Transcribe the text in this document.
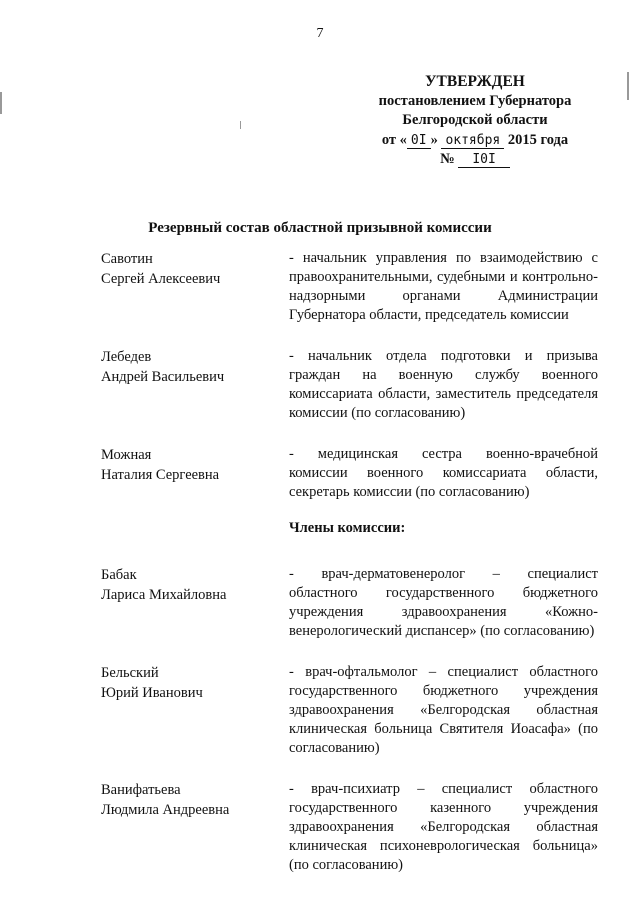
7
УТВЕРЖДЕН
постановлением Губернатора
Белгородской области
от « 0I » октября 2015 года
№ I0I
Резервный состав областной призывной комиссии
Савотин
Сергей Алексеевич
- начальник управления по взаимодействию с правоохранительными, судебными и контрольно-надзорными органами Администрации Губернатора области, председатель комиссии
Лебедев
Андрей Васильевич
- начальник отдела подготовки и призыва граждан на военную службу военного комиссариата области, заместитель председателя комиссии (по согласованию)
Можная
Наталия Сергеевна
- медицинская сестра военно-врачебной комиссии военного комиссариата области, секретарь комиссии (по согласованию)
Члены комиссии:
Бабак
Лариса Михайловна
- врач-дерматовенеролог – специалист областного государственного бюджетного учреждения здравоохранения «Кожно-венерологический диспансер» (по согласованию)
Бельский
Юрий Иванович
- врач-офтальмолог – специалист областного государственного бюджетного учреждения здравоохранения «Белгородская областная клиническая больница Святителя Иоасафа» (по согласованию)
Ванифатьева
Людмила Андреевна
- врач-психиатр – специалист областного государственного казенного учреждения здравоохранения «Белгородская областная клиническая психоневрологическая больница» (по согласованию)
